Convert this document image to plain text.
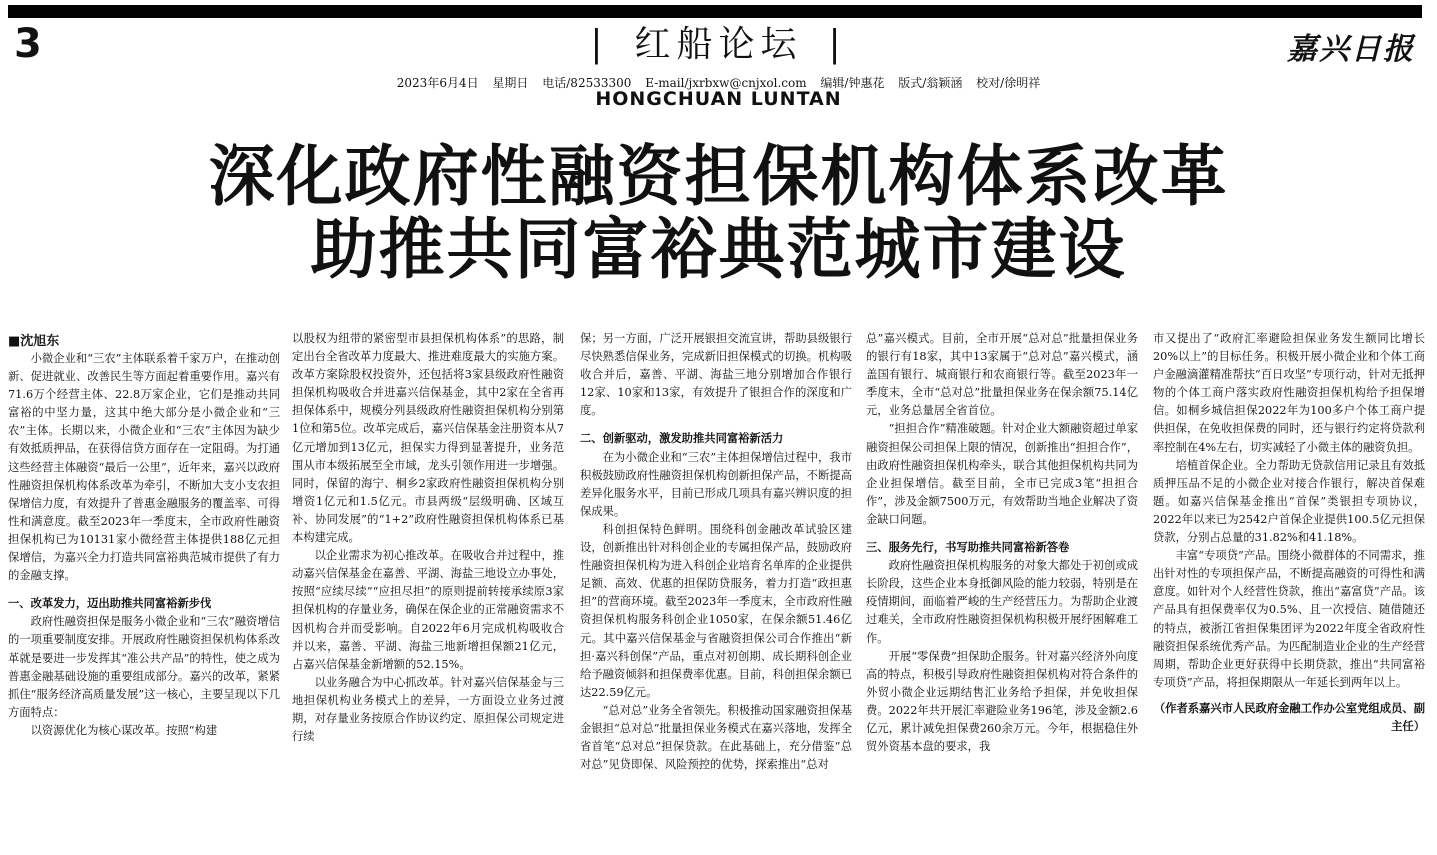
3	| 红船论坛 |	嘉兴日报
2023年6月4日 星期日 电话/82533300 E-mail/jxrbxw@cnjxol.com 编辑/钟惠花 版式/翁颖涵 校对/徐明祥
HONGCHUAN LUNTAN
深化政府性融资担保机构体系改革
助推共同富裕典范城市建设
■沈旭东

小微企业和“三农”主体联系着千家万户，在推动创新、促进就业、改善民生等方面起着重要作用。嘉兴有71.6万个经营主体、22.8万家企业，它们是推动共同富裕的中坚力量，这其中绝大部分是小微企业和“三农”主体。长期以来，小微企业和“三农”主体因为缺少有效抵质押品，在获得信贷方面存在一定阻碍。为打通这些经营主体融资“最后一公里”，近年来，嘉兴以政府性融资担保机构体系改革为牵引，不断加大支小支农担保增信力度，有效提升了普惠金融服务的覆盖率、可得性和满意度。截至2023年一季度末，全市政府性融资担保机构已为10131家小微经营主体提供188亿元担保增信，为嘉兴全力打造共同富裕典范城市提供了有力的金融支撑。

一、改革发力，迈出助推共同富裕新步伐

政府性融资担保是服务小微企业和“三农”融资增信的一项重要制度安排。开展政府性融资担保机构体系改革就是要进一步发挥其“准公共产品”的特性，使之成为普惠金融基础设施的重要组成部分。嘉兴的改革，紧紧抓住“服务经济高质量发展”这一核心，主要呈现以下几方面特点：

以资源优化为核心谋改革。按照“构建

以股权为纽带的紧密型市县担保机构体系”的思路，制定出台全省改革力度最大、推进难度最大的实施方案。改革方案除股权投资外，还包括将3家县级政府性融资担保机构吸收合并进嘉兴信保基金，其中2家在全省再担保体系中，规模分列县级政府性融资担保机构分别第1位和第5位。改革完成后，嘉兴信保基金注册资本从7亿元增加到13亿元，担保实力得到显著提升，业务范围从市本级拓展至全市域，龙头引领作用进一步增强。同时，保留的海宁、桐乡2家政府性融资担保机构分别增资1亿元和1.5亿元。市县两级“层级明确、区域互补、协同发展”的“1+2”政府性融资担保机构体系已基本构建完成。

以企业需求为初心推改革。在吸收合并过程中，推动嘉兴信保基金在嘉善、平湖、海盐三地设立办事处，按照“应续尽续”“应担尽担”的原则提前转接承续原3家担保机构的存量业务，确保在保企业的正常融资需求不因机构合并而受影响。自2022年6月完成机构吸收合并以来，嘉善、平湖、海盐三地新增担保额21亿元，占嘉兴信保基金新增额的52.15%。

以业务融合为中心抓改革。针对嘉兴信保基金与三地担保机构业务模式上的差异，一方面设立业务过渡期，对存量业务按原合作协议约定、原担保公司规定进行续

保；另一方面，广泛开展银担交流宣讲，帮助县级银行尽快熟悉信保业务，完成新旧担保模式的切换。机构吸收合并后，嘉善、平湖、海盐三地分别增加合作银行12家、10家和13家，有效提升了银担合作的深度和广度。

二、创新驱动，激发助推共同富裕新活力

在为小微企业和“三农”主体担保增信过程中，我市积极鼓励政府性融资担保机构创新担保产品，不断提高差异化服务水平，目前已形成几项具有嘉兴辨识度的担保成果。

科创担保特色鲜明。围绕科创金融改革试验区建设，创新推出针对科创企业的专属担保产品，鼓励政府性融资担保机构为进入科创企业培育名单库的企业提供足额、高效、优惠的担保防贷服务，着力打造“政担惠担”的营商环境。截至2023年一季度末，全市政府性融资担保机构服务科创企业1050家，在保余额51.46亿元。其中嘉兴信保基金与省融资担保公司合作推出“新担·嘉兴科创保”产品，重点对初创期、成长期科创企业给予融资倾斜和担保费率优惠。目前，科创担保余额已达22.59亿元。

“总对总”业务全省领先。积极推动国家融资担保基金银担“总对总”批量担保业务模式在嘉兴落地，发挥全省首笔“总对总”担保贷款。在此基础上，充分借鉴“总对总”见贷即保、风险预控的优势，探索推出“总对

总”嘉兴模式。目前，全市开展“总对总”批量担保业务的银行有18家，其中13家属于“总对总”嘉兴模式，涵盖国有银行、城商银行和农商银行等。截至2023年一季度末，全市“总对总”批量担保业务在保余额75.14亿元，业务总量居全省首位。

“担担合作”精准破题。针对企业大额融资超过单家融资担保公司担保上限的情况，创新推出“担担合作”，由政府性融资担保机构牵头，联合其他担保机构共同为企业担保增信。截至目前，全市已完成3笔“担担合作”，涉及金额7500万元，有效帮助当地企业解决了资金缺口问题。

三、服务先行，书写助推共同富裕新答卷

政府性融资担保机构服务的对象大都处于初创或成长阶段，这些企业本身抵御风险的能力较弱，特别是在疫情期间，面临着严峻的生产经营压力。为帮助企业渡过难关，全市政府性融资担保机构积极开展纾困解难工作。

开展“零保费”担保助企服务。针对嘉兴经济外向度高的特点，积极引导政府性融资担保机构对符合条件的外贸小微企业远期结售汇业务给予担保，并免收担保费。2022年共开展汇率避险业务196笔，涉及金额2.6亿元，累计减免担保费260余万元。今年，根据稳住外贸外资基本盘的要求，我

市又提出了“政府汇率避险担保业务发生额同比增长20%以上”的目标任务。积极开展小微企业和个体工商户金融滴灌精准帮扶“百日攻坚”专项行动，针对无抵押物的个体工商户落实政府性融资担保机构给予担保增信。如桐乡城信担保2022年为100多户个体工商户提供担保，在免收担保费的同时，还与银行约定将贷款利率控制在4%左右，切实减轻了小微主体的融资负担。

培植首保企业。全力帮助无贷款信用记录且有效抵质押压品不足的小微企业对接合作银行，解决首保难题。如嘉兴信保基金推出“首保”类银担专项协议，2022年以来已为2542户首保企业提供100.5亿元担保贷款，分别占总量的31.82%和41.18%。

丰富“专项贷”产品。围绕小微群体的不同需求，推出针对性的专项担保产品，不断提高融资的可得性和满意度。如针对个人经营性贷款，推出“嘉富贷”产品。该产品具有担保费率仅为0.5%、且一次授信、随借随还的特点，被浙江省担保集团评为2022年度全省政府性融资担保系统优秀产品。为匹配制造业企业的生产经营周期，帮助企业更好获得中长期贷款，推出“共同富裕专项贷”产品，将担保期限从一年延长到两年以上。

（作者系嘉兴市人民政府金融工作办公室党组成员、副主任）
